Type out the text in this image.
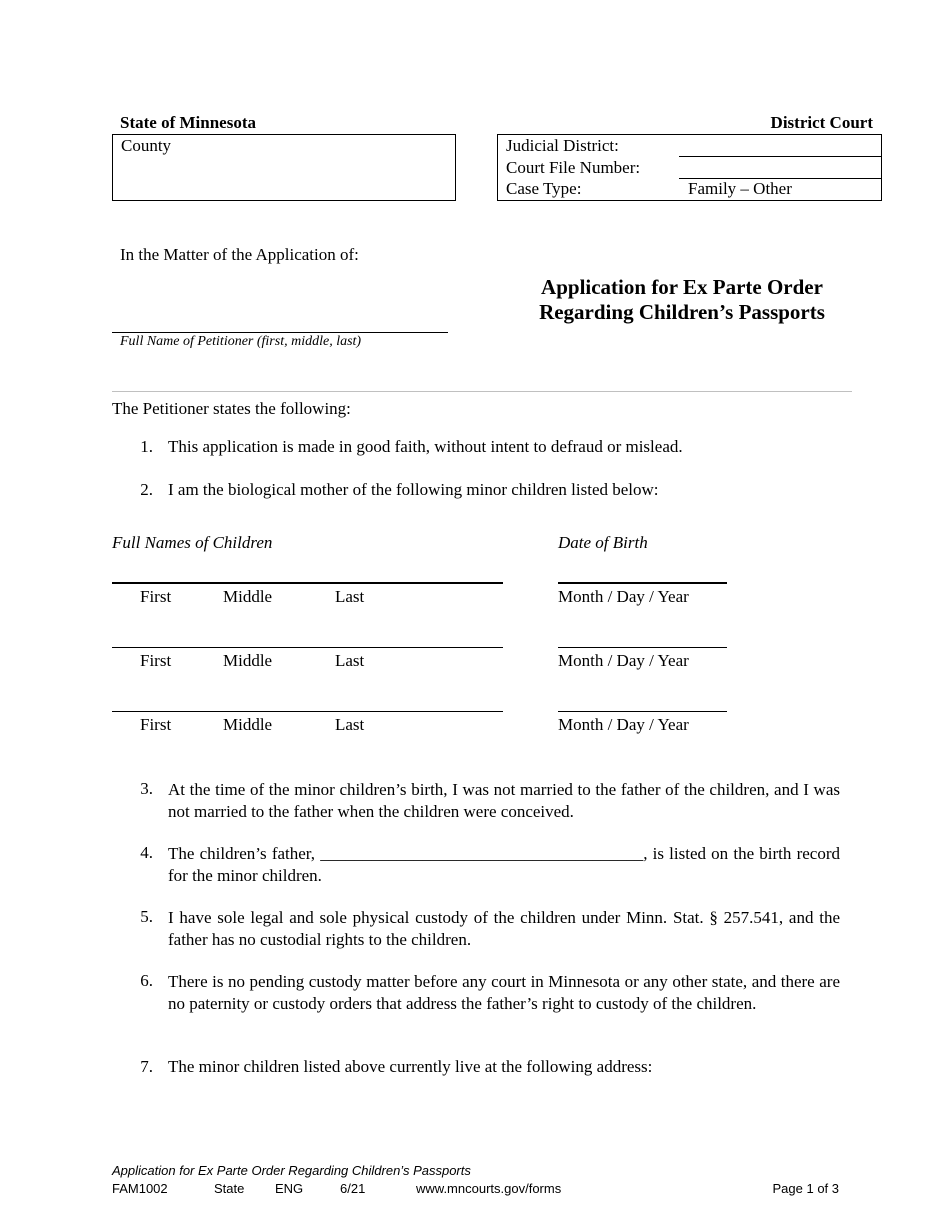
State of Minnesota	District Court
County	Judicial District:
Court File Number:
Case Type:	Family – Other
In the Matter of the Application of:
Full Name of Petitioner (first, middle, last)
Application for Ex Parte Order
Regarding Children’s Passports
The Petitioner states the following:
1. This application is made in good faith, without intent to defraud or mislead.
2. I am the biological mother of the following minor children listed below:
Full Names of Children	Date of Birth
First	Middle	Last	Month / Day / Year
First	Middle	Last	Month / Day / Year
First	Middle	Last	Month / Day / Year
3. At the time of the minor children’s birth, I was not married to the father of the children, and I was not married to the father when the children were conceived.
4. The children’s father, ______________________________________, is listed on the birth record for the minor children.
5. I have sole legal and sole physical custody of the children under Minn. Stat. § 257.541, and the father has no custodial rights to the children.
6. There is no pending custody matter before any court in Minnesota or any other state, and there are no paternity or custody orders that address the father’s right to custody of the children.
7. The minor children listed above currently live at the following address:
Application for Ex Parte Order Regarding Children’s Passports
FAM1002	State ENG	6/21	www.mncourts.gov/forms	Page 1 of 3
